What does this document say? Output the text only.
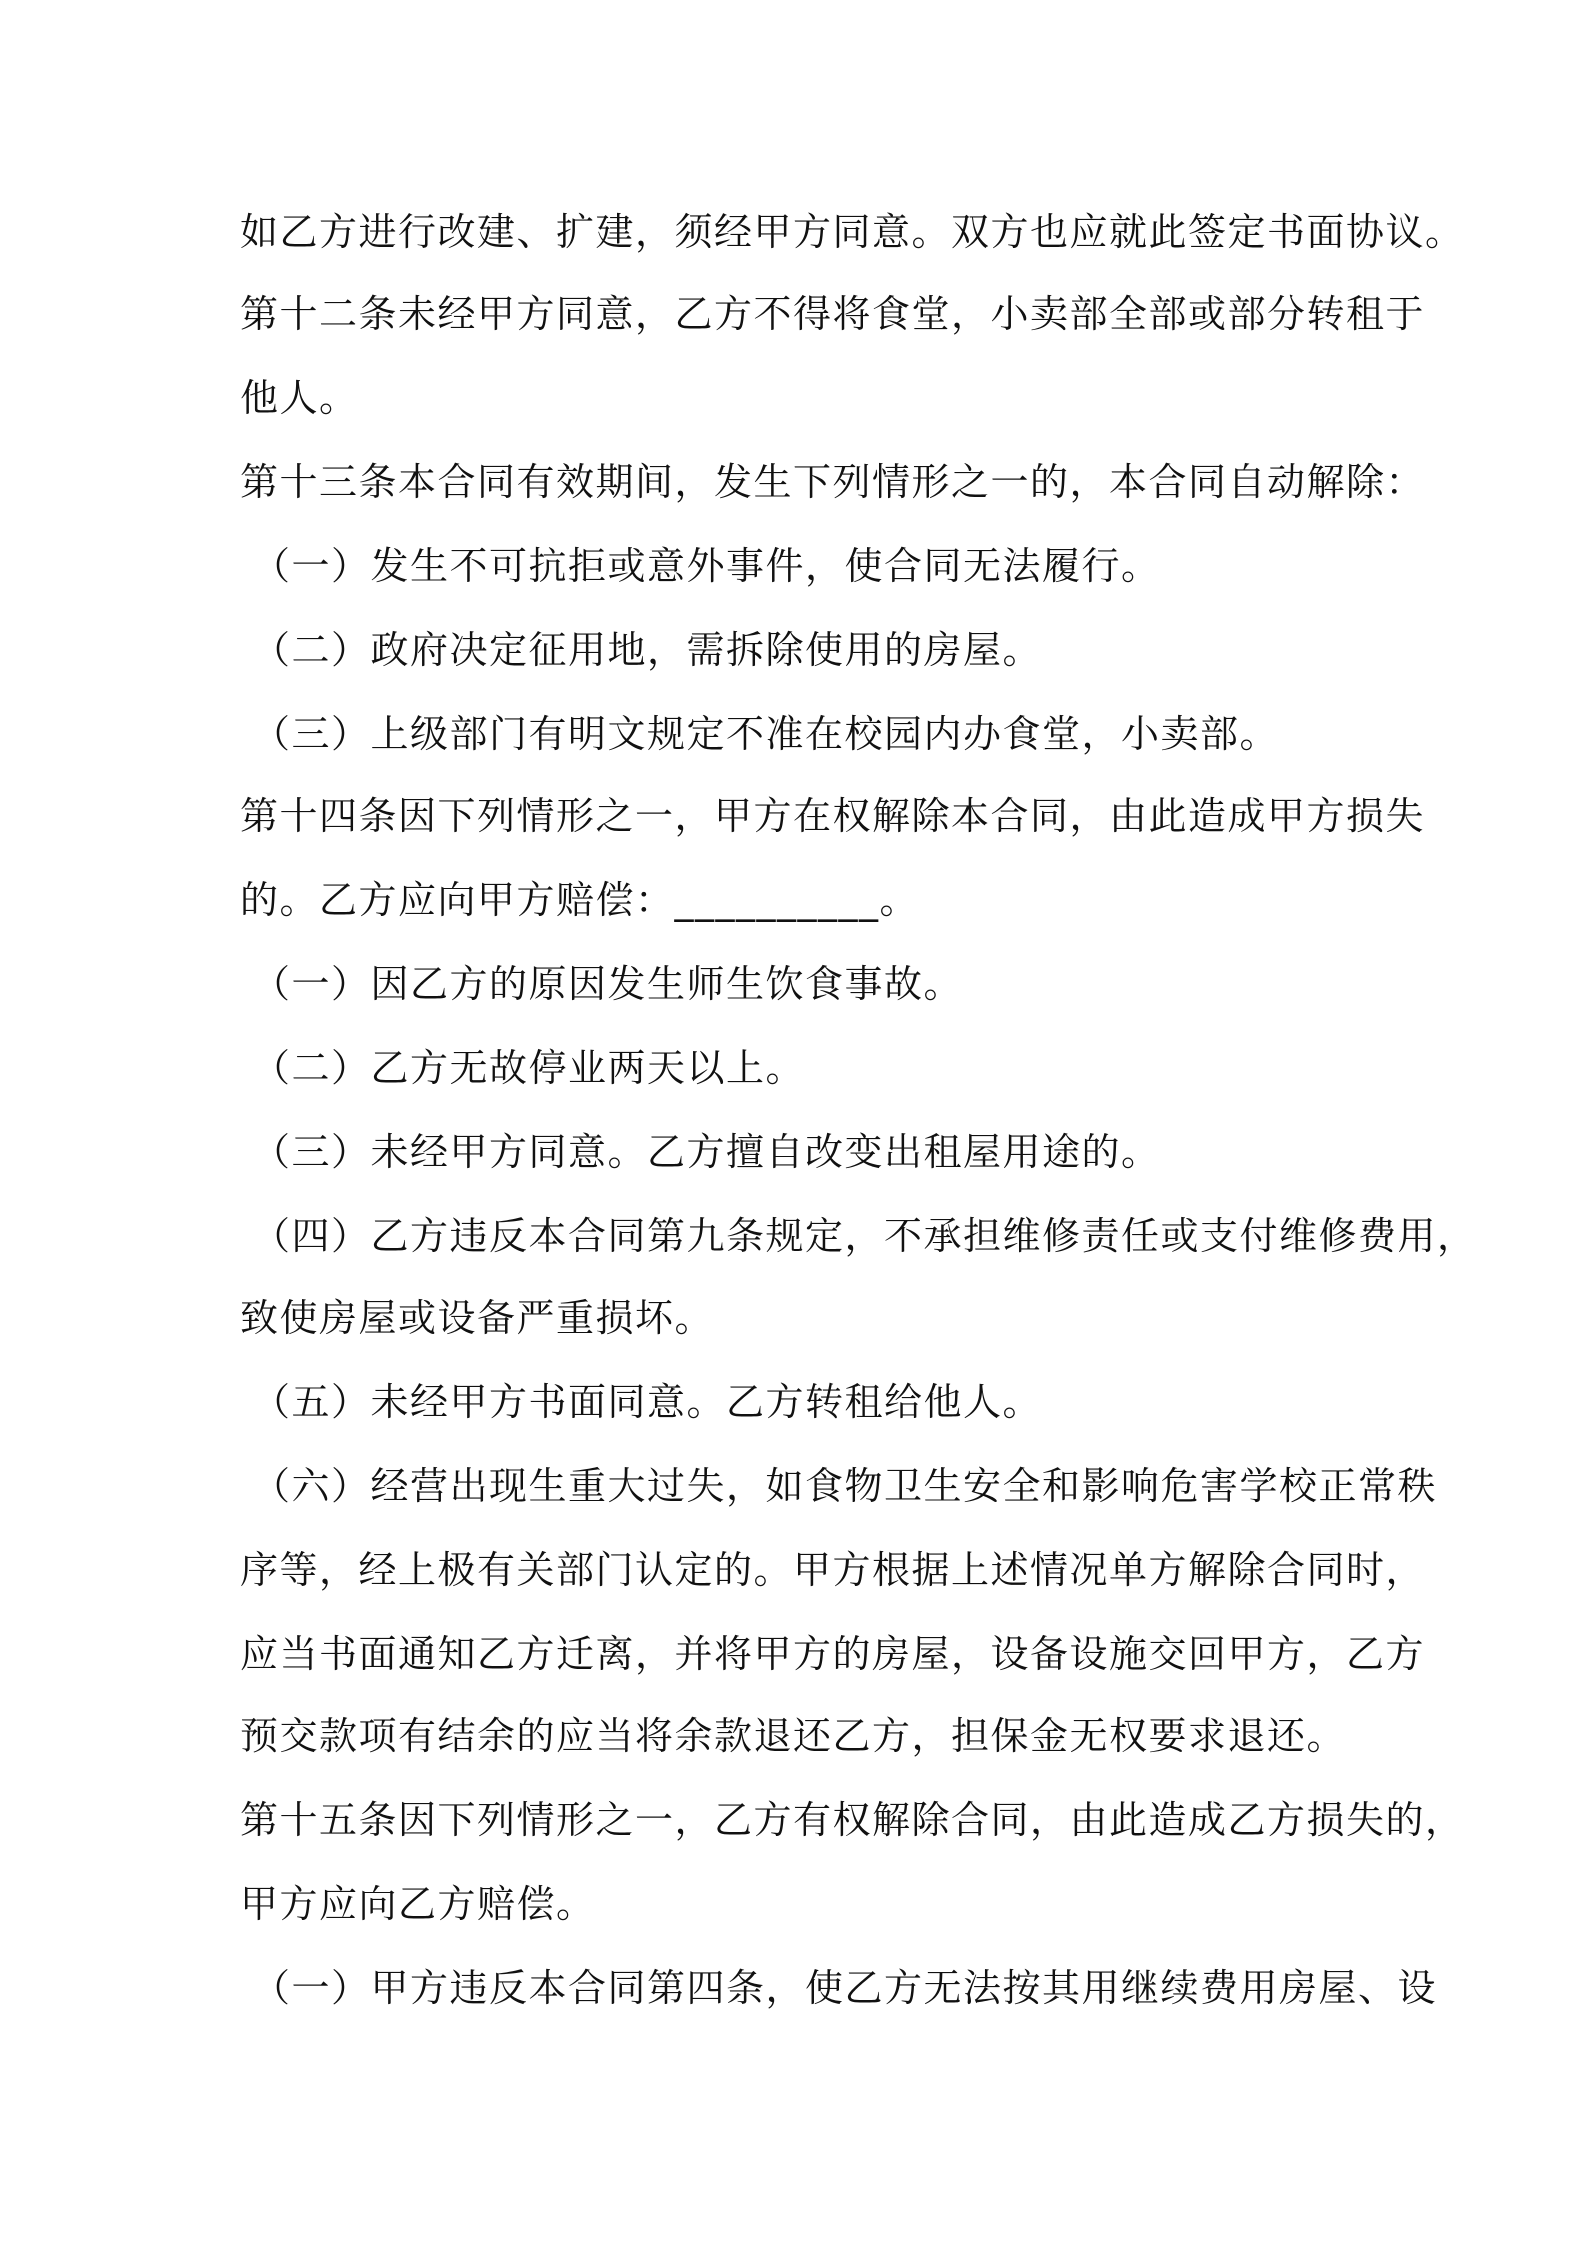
如乙方进行改建、扩建，须经甲方同意。双方也应就此签定书面协议。
第十二条未经甲方同意，乙方不得将食堂，小卖部全部或部分转租于
他人。
第十三条本合同有效期间，发生下列情形之一的，本合同自动解除：
（一）发生不可抗拒或意外事件，使合同无法履行。
（二）政府决定征用地，需拆除使用的房屋。
（三）上级部门有明文规定不准在校园内办食堂，小卖部。
第十四条因下列情形之一，甲方在权解除本合同，由此造成甲方损失
的。乙方应向甲方赔偿：__________。
（一）因乙方的原因发生师生饮食事故。
（二）乙方无故停业两天以上。
（三）未经甲方同意。乙方擅自改变出租屋用途的。
（四）乙方违反本合同第九条规定，不承担维修责任或支付维修费用，
致使房屋或设备严重损坏。
（五）未经甲方书面同意。乙方转租给他人。
（六）经营出现生重大过失，如食物卫生安全和影响危害学校正常秩
序等，经上极有关部门认定的。甲方根据上述情况单方解除合同时，
应当书面通知乙方迁离，并将甲方的房屋，设备设施交回甲方，乙方
预交款项有结余的应当将余款退还乙方，担保金无权要求退还。
第十五条因下列情形之一，乙方有权解除合同，由此造成乙方损失的，
甲方应向乙方赔偿。
（一）甲方违反本合同第四条，使乙方无法按其用继续费用房屋、设
